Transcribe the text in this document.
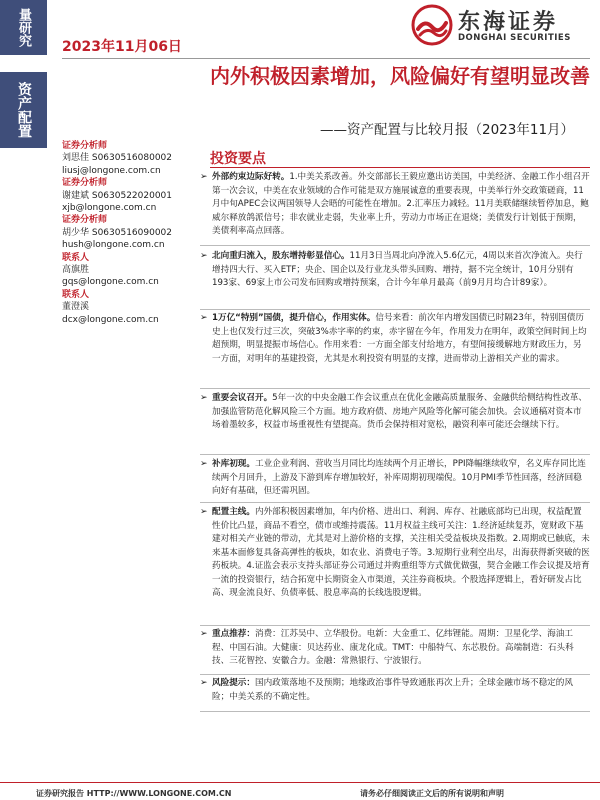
量研究
资产配置
2023年11月06日
东海证券
DONGHAI SECURITIES
内外积极因素增加，风险偏好有望明显改善
——资产配置与比较月报（2023年11月）
证券分析师
刘思佳 S0630516080002
liusj@longone.com.cn
证券分析师
谢建斌 S0630522020001
xjb@longone.com.cn
证券分析师
胡少华 S0630516090002
hush@longone.com.cn
联系人
高旗胜
gqs@longone.com.cn
联系人
董澄溪
dcx@longone.com.cn
投资要点
➢ 外部约束边际好转。1.中美关系改善。外交部部长王毅应邀出访美国，中美经济、金融工作小组召开第一次会议，中美在农业领域的合作可能是双方施展诚意的重要表现，中美举行外交政策磋商，11月中旬APEC会议两国领导人会晤的可能性在增加。2.汇率压力减轻。11月美联储继续暂停加息，鲍威尔释放鸽派信号；非农就业走弱，失业率上升，劳动力市场正在退烧；美债发行计划低于预期，美债利率高点回落。
➢ 北向重归流入，股东增持彰显信心。11月3日当周北向净流入5.6亿元，4周以来首次净流入。央行增持四大行、买入ETF；央企、国企以及行业龙头带头回购、增持，据不完全统计，10月分别有193家、69家上市公司发布回购或增持预案，合计今年单月最高（前9月月均合计89家）。
➢ 1万亿“特别”国债，提升信心，作用实体。信号来看：前次年内增发国债已时隔23年，特别国债历史上也仅发行过三次，突破3%赤字率的约束，赤字留在今年，作用发力在明年，政策空间时间上均超预期，明显提振市场信心。作用来看：一方面全部支付给地方，有望间接缓解地方财政压力，另一方面，对明年的基建投资，尤其是水利投资有明显的支撑，进而带动上游相关产业的需求。
➢ 重要会议召开。5年一次的中央金融工作会议重点在优化金融高质量服务、金融供给侧结构性改革、加强监管防范化解风险三个方面。地方政府债、房地产风险等化解可能会加快。会议通稿对资本市场着墨较多，权益市场重视性有望提高。货币会保持相对宽松，融资利率可能还会继续下行。
➢ 补库初现。工业企业利润、营收当月同比均连续两个月正增长，PPI降幅继续收窄，名义库存同比连续两个月回升，上游及下游到库存增加较好，补库周期初现端倪。10月PMI季节性回落，经济回稳向好有基础，但还需巩固。
➢ 配置主线。内外部积极因素增加，年内价格、进出口、利润、库存、社融底部均已出现，权益配置性价比凸显，商品不看空，债市或维持震荡。11月权益主线可关注：1.经济延续复苏，宽财政下基建对相关产业链的带动，尤其是对上游价格的支撑，关注相关受益板块及指数。2.周期或已触底，未来基本面修复具备高弹性的板块，如农业、消费电子等。3.短期行业利空出尽，出海获得新突破的医药板块。4.证监会表示支持头部证券公司通过并购重组等方式做优做强，契合金融工作会议提及培育一流的投资银行，结合拓宽中长期资金入市渠道，关注券商板块。个股选择逻辑上，看好研发占比高、现金流良好、负债率低、股息率高的长线选股逻辑。
➢ 重点推荐：消费：江苏吴中、立华股份。电新：大金重工、亿纬锂能。周期：卫星化学、海油工程、中国石油。大健康：贝达药业、康龙化成。TMT：中船特气、东芯股份。高端制造：石头科技、三花智控、安徽合力。金融：常熟银行、宁波银行。
➢ 风险提示：国内政策落地不及预期；地缘政治事件导致通胀再次上升；全球金融市场不稳定的风险；中美关系的不确定性。
证券研究报告 HTTP://WWW.LONGONE.COM.CN	请务必仔细阅读正文后的所有说明和声明
